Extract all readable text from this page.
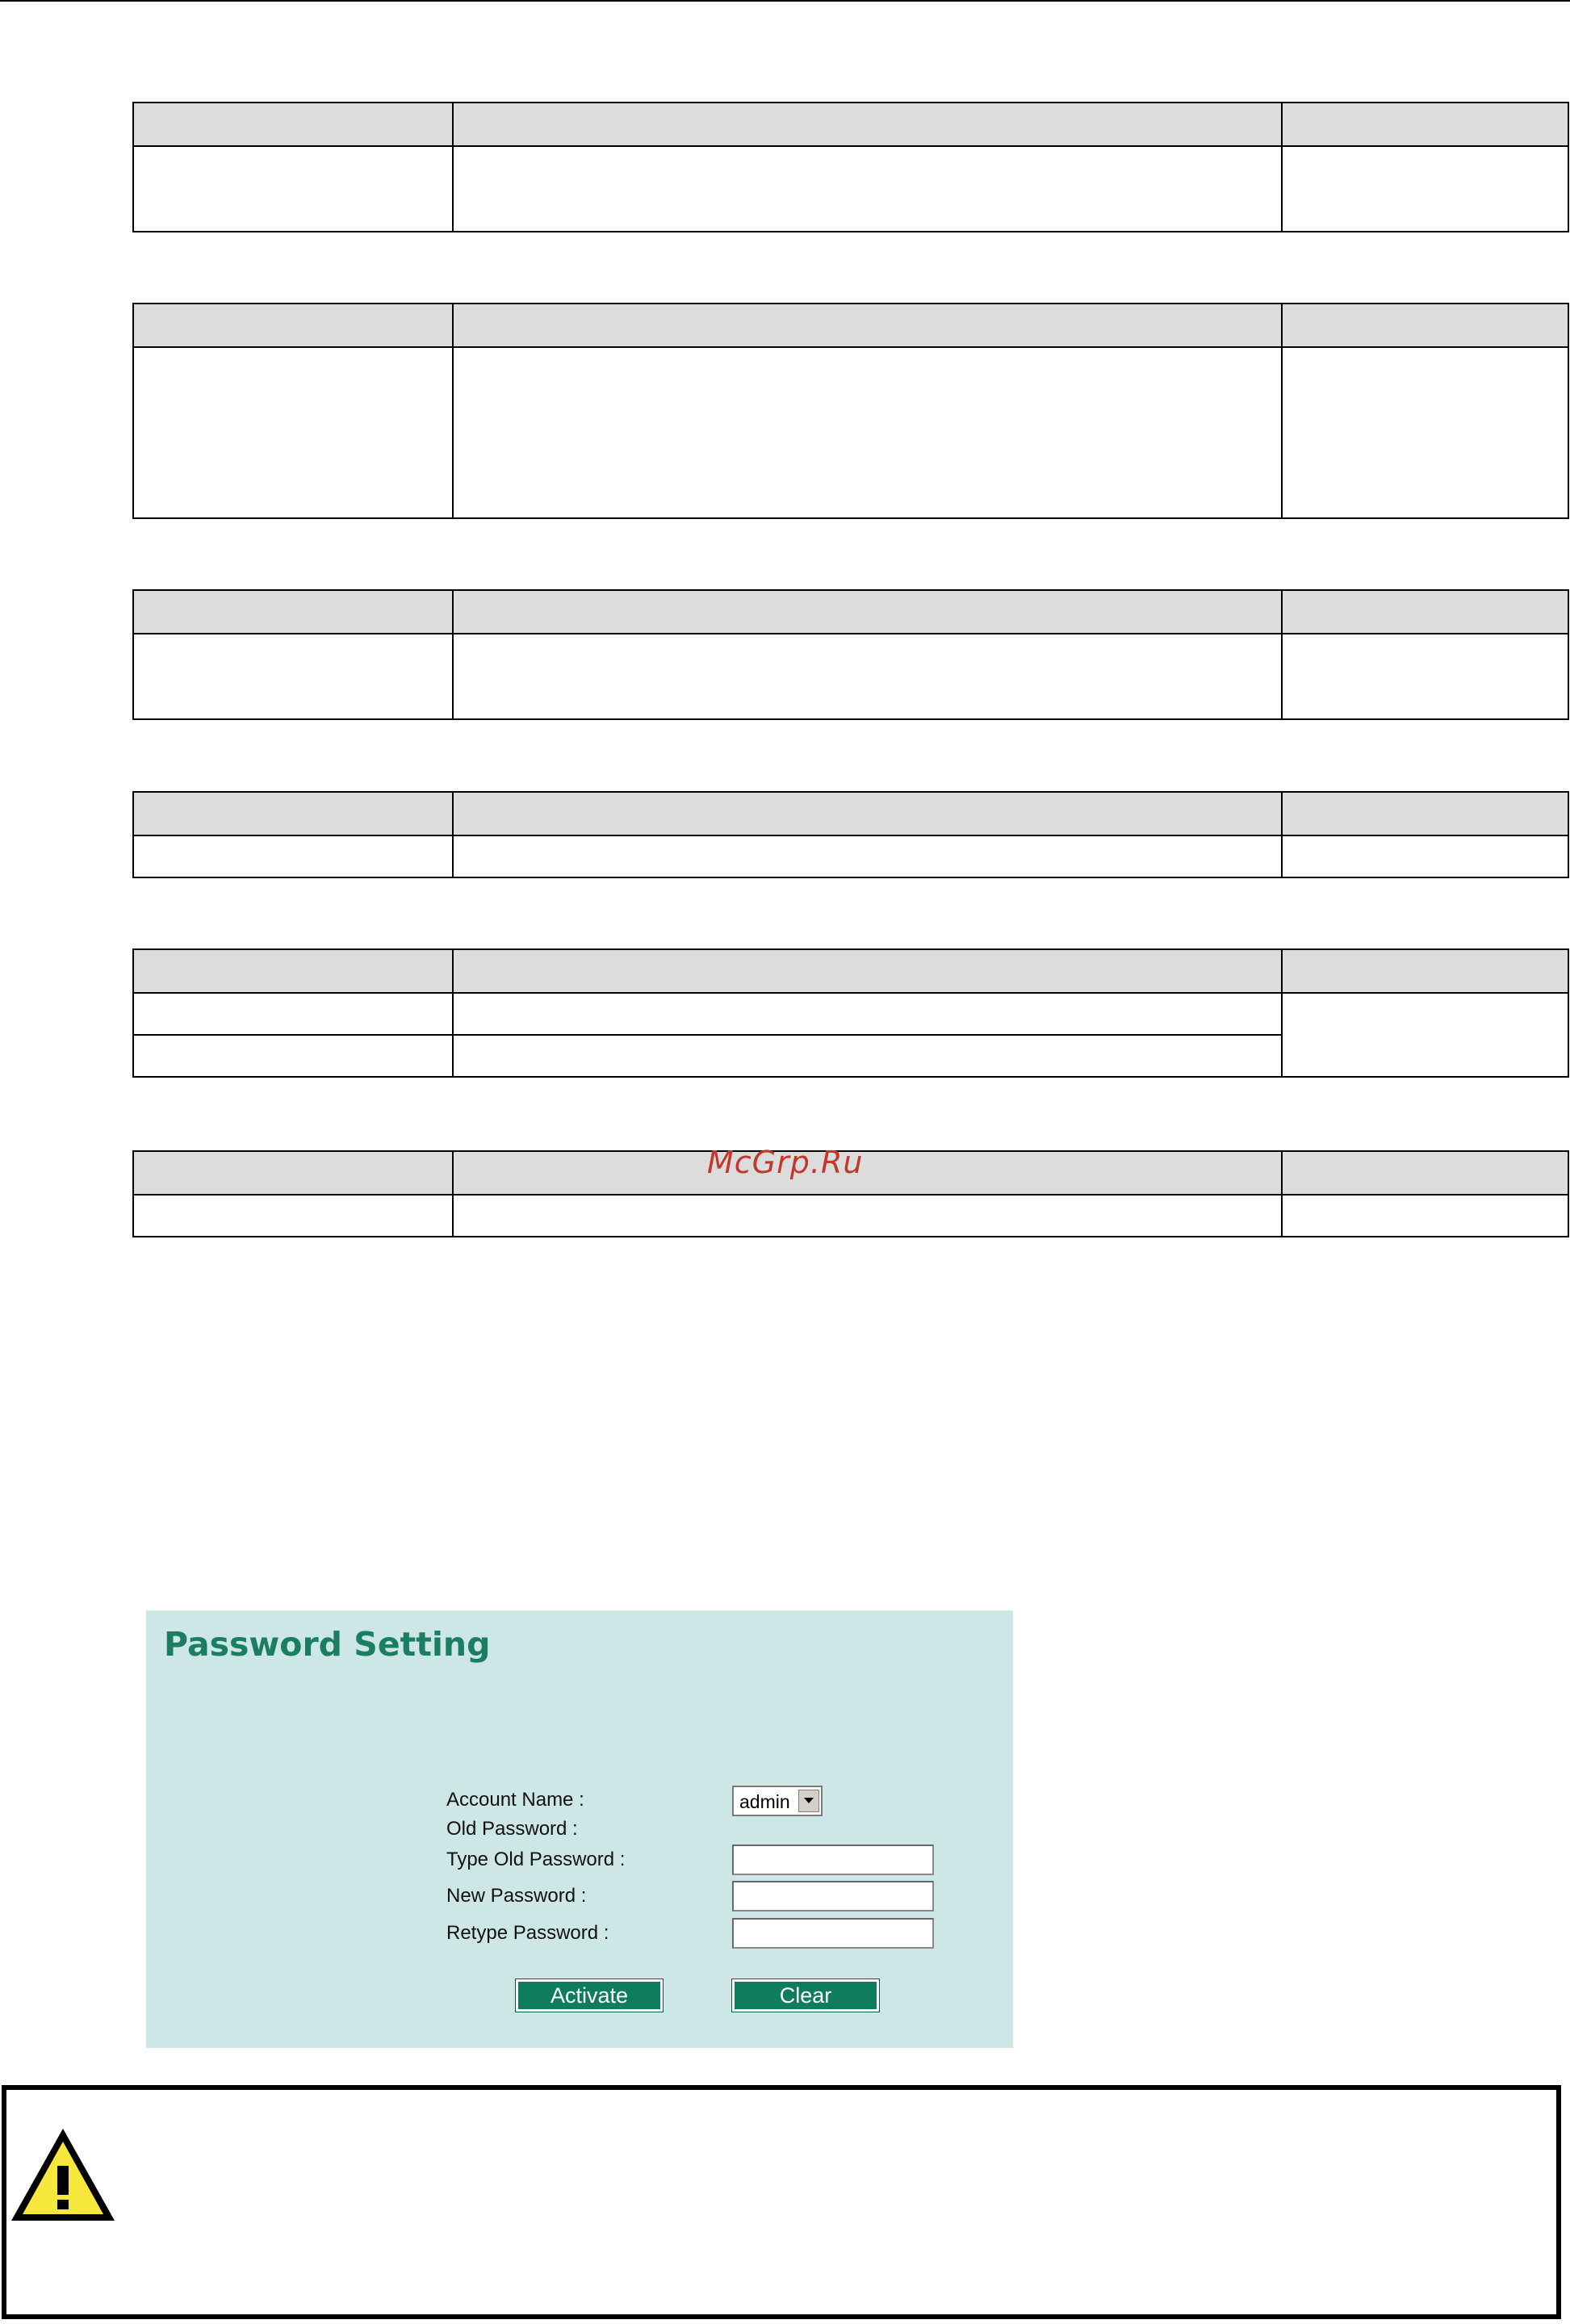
McGrp.Ru
Password Setting
Account Name :	admin
Old Password :
Type Old Password :
New Password :
Retype Password :
Activate	Clear
